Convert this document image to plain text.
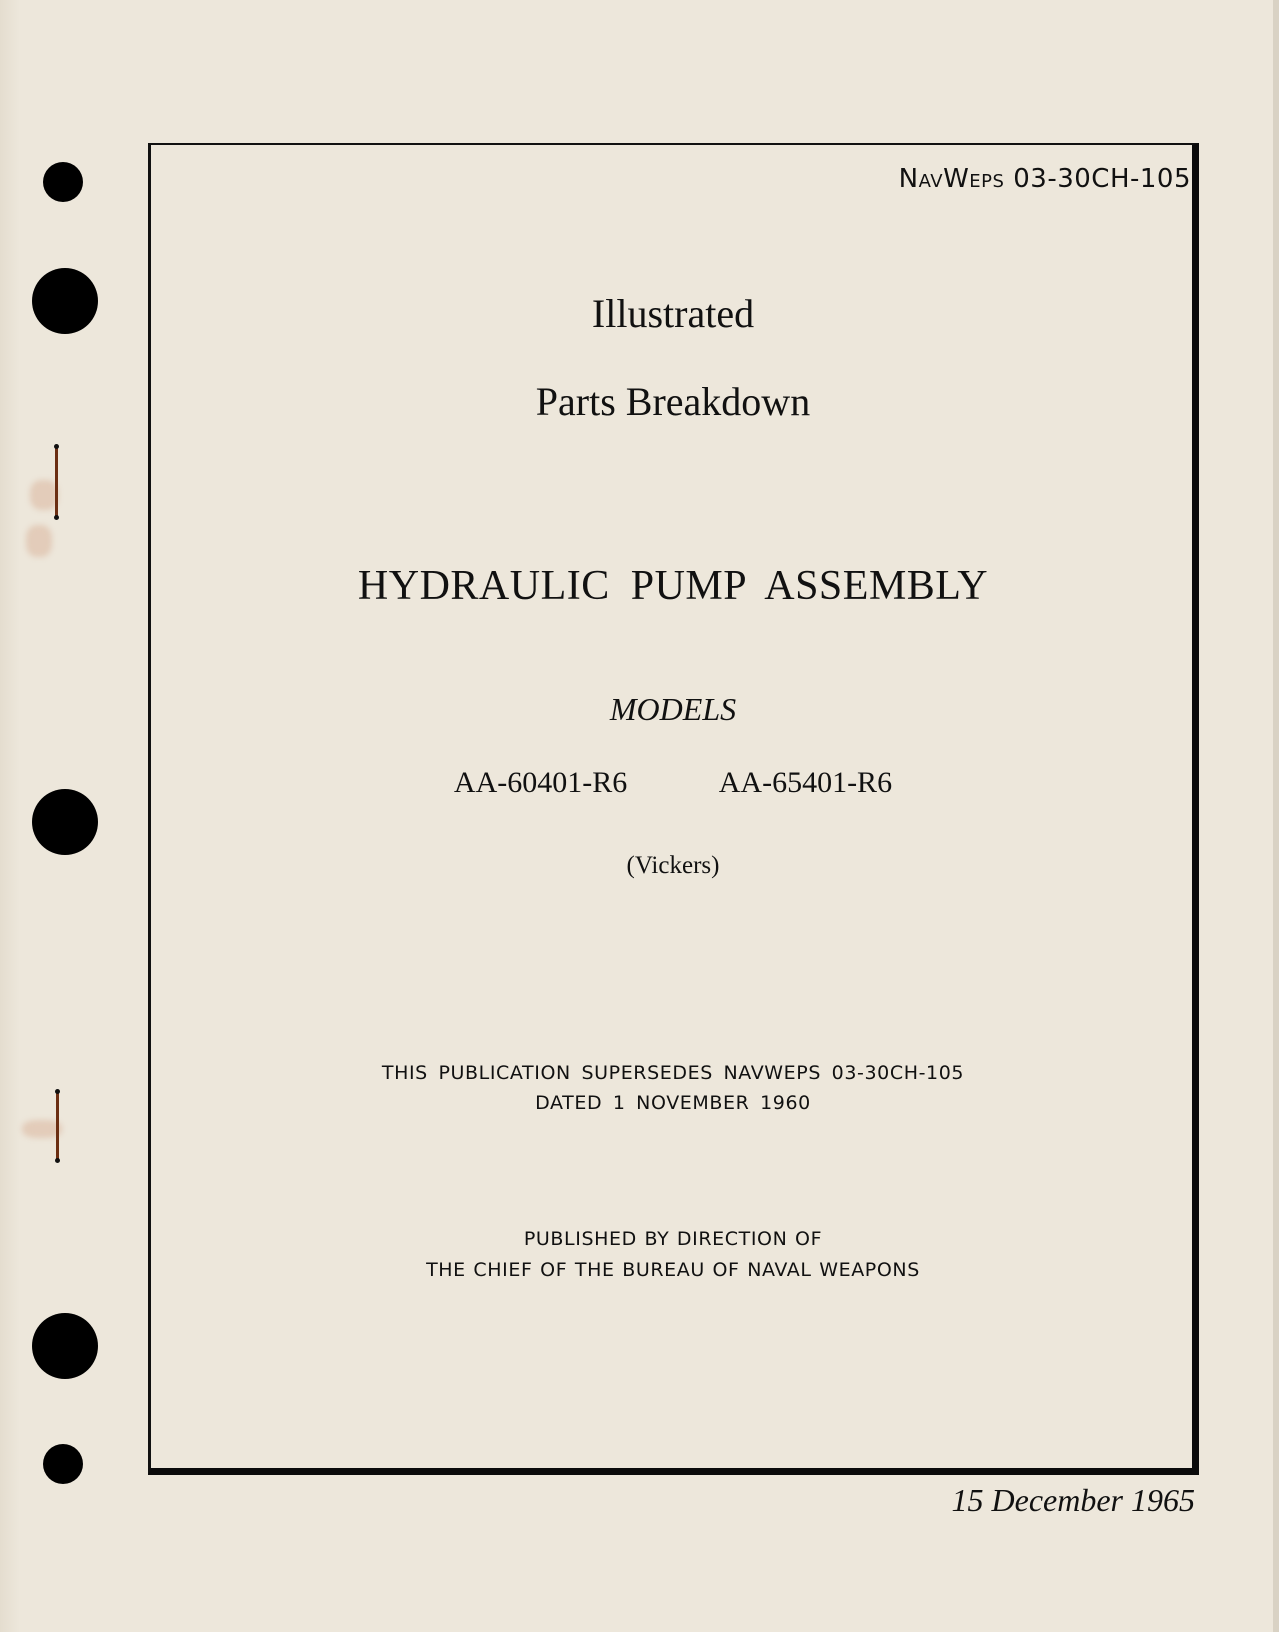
NavWeps 03-30CH-105
Illustrated
Parts Breakdown
HYDRAULIC PUMP ASSEMBLY
MODELS
AA-60401-R6	AA-65401-R6
(Vickers)
THIS PUBLICATION SUPERSEDES NAVWEPS 03-30CH-105
DATED 1 NOVEMBER 1960
PUBLISHED BY DIRECTION OF
THE CHIEF OF THE BUREAU OF NAVAL WEAPONS
15 December 1965
